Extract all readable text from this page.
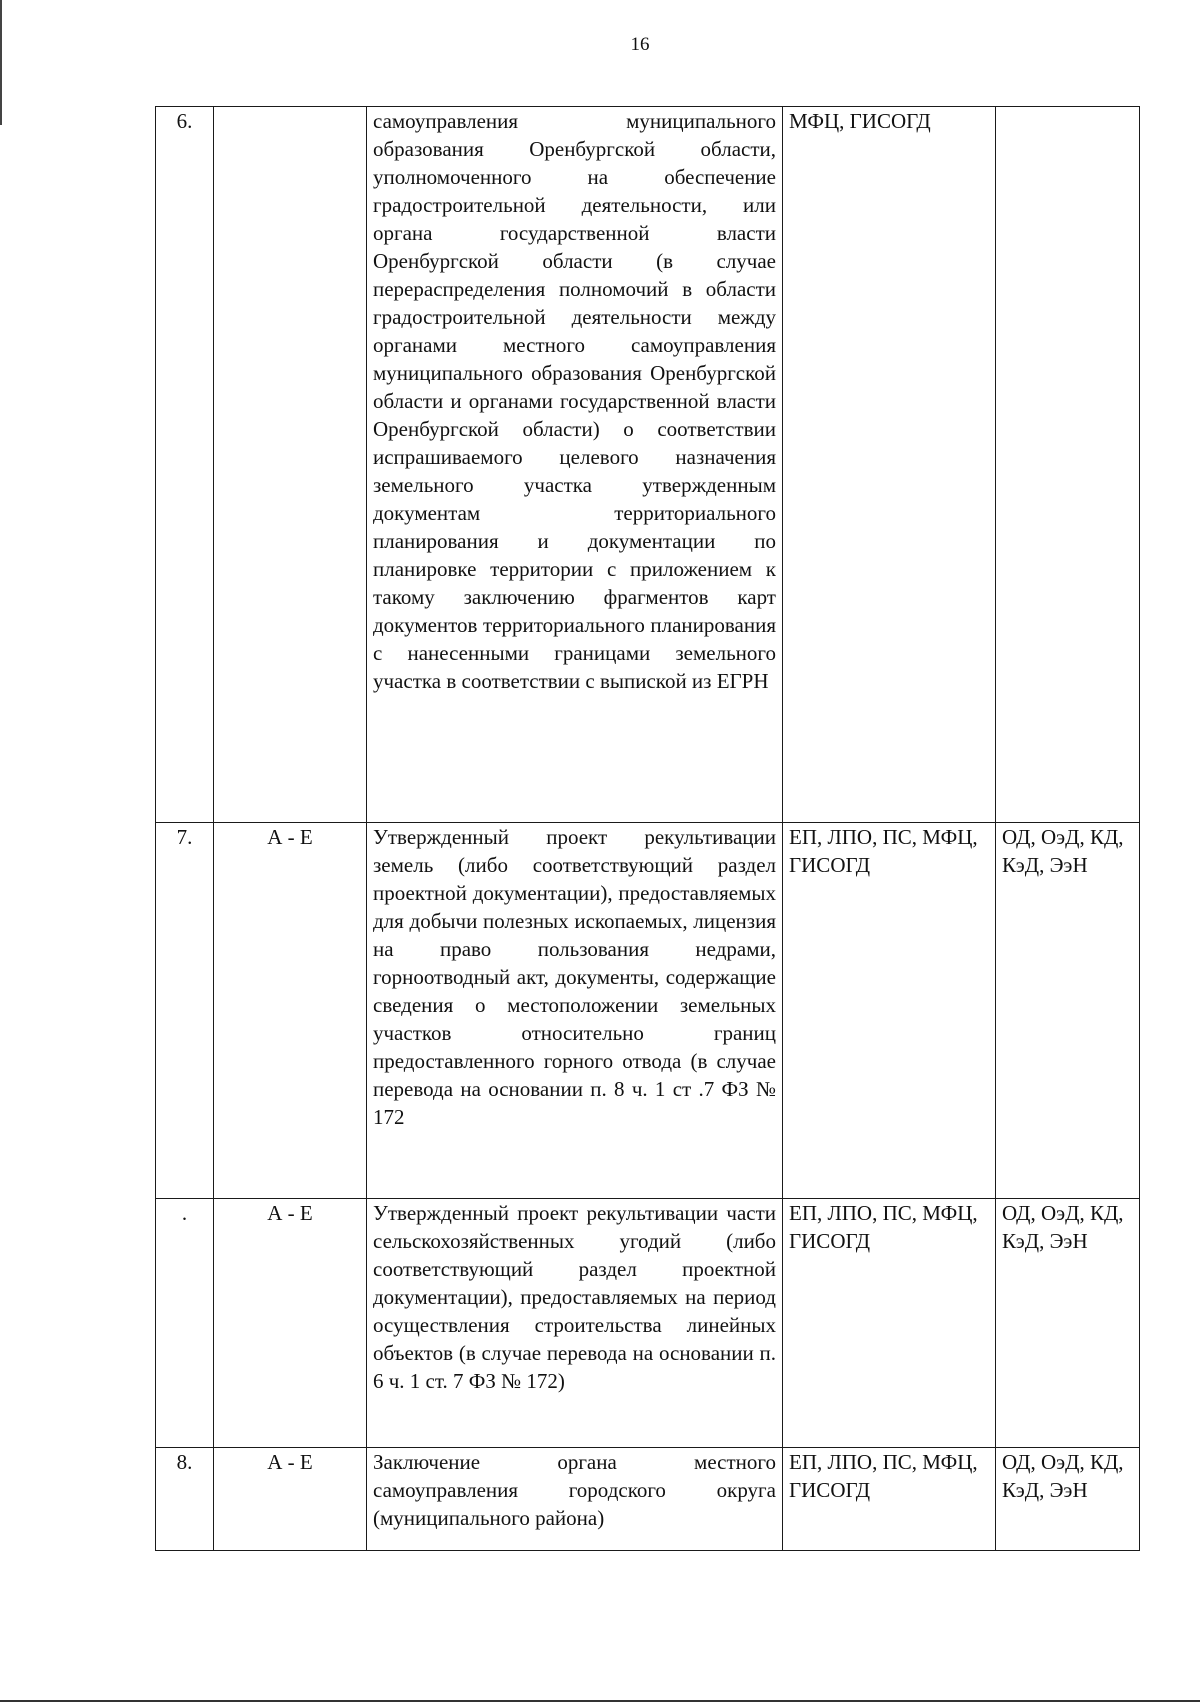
16
6.		самоуправления муниципального образования Оренбургской области, уполномоченного на обеспечение градостроительной деятельности, или органа государственной власти Оренбургской области (в случае перераспределения полномочий в области градостроительной деятельности между органами местного самоуправления муниципального образования Оренбургской области и органами государственной власти Оренбургской области) о соответствии испрашиваемого целевого назначения земельного участка утвержденным документам территориального планирования и документации по планировке территории с приложением к такому заключению фрагментов карт документов территориального планирования с нанесенными границами земельного участка в соответствии с выпиской из ЕГРН	МФЦ, ГИСОГД	
7.	А - Е	Утвержденный проект рекультивации земель (либо соответствующий раздел проектной документации), предоставляемых для добычи полезных ископаемых, лицензия на право пользования недрами, горноотводный акт, документы, содержащие сведения о местоположении земельных участков относительно границ предоставленного горного отвода (в случае перевода на основании п. 8 ч. 1 ст .7 ФЗ № 172	ЕП, ЛПО, ПС, МФЦ, ГИСОГД	ОД, ОэД, КД, КэД, ЭэН
.	А - Е	Утвержденный проект рекультивации части сельскохозяйственных угодий (либо соответствующий раздел проектной документации), предоставляемых на период осуществления строительства линейных объектов (в случае перевода на основании п. 6 ч. 1 ст. 7 ФЗ № 172)	ЕП, ЛПО, ПС, МФЦ, ГИСОГД	ОД, ОэД, КД, КэД, ЭэН
8.	А - Е	Заключение органа местного самоуправления городского округа (муниципального района)	ЕП, ЛПО, ПС, МФЦ, ГИСОГД	ОД, ОэД, КД, КэД, ЭэН
